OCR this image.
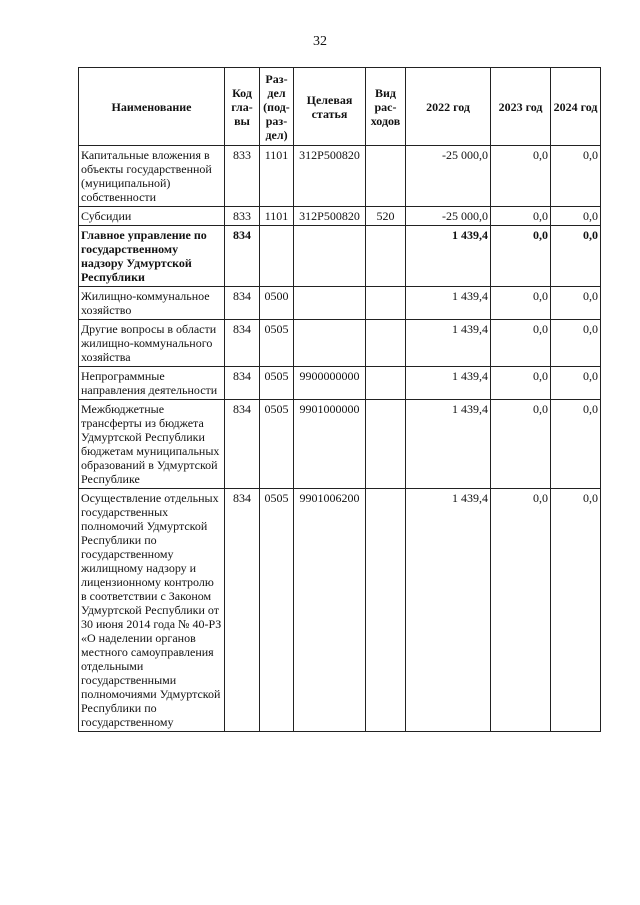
32
Наименование	Код гла-вы	Раз-дел (под-раз-дел)	Целевая статья	Вид рас-ходов	2022 год	2023 год	2024 год
Капитальные вложения в объекты государственной (муниципальной) собственности	833	1101	312P500820		-25 000,0	0,0	0,0
Субсидии	833	1101	312P500820	520	-25 000,0	0,0	0,0
Главное управление по государственному надзору Удмуртской Республики	834				1 439,4	0,0	0,0
Жилищно-коммунальное хозяйство	834	0500			1 439,4	0,0	0,0
Другие вопросы в области жилищно-коммунального хозяйства	834	0505			1 439,4	0,0	0,0
Непрограммные направления деятельности	834	0505	9900000000		1 439,4	0,0	0,0
Межбюджетные трансферты из бюджета Удмуртской Республики бюджетам муниципальных образований в Удмуртской Республике	834	0505	9901000000		1 439,4	0,0	0,0
Осуществление отдельных государственных полномочий Удмуртской Республики по государственному жилищному надзору и лицензионному контролю в соответствии с Законом Удмуртской Республики от 30 июня 2014 года № 40-РЗ «О наделении органов местного самоуправления отдельными государственными полномочиями Удмуртской Республики по государственному	834	0505	9901006200		1 439,4	0,0	0,0
